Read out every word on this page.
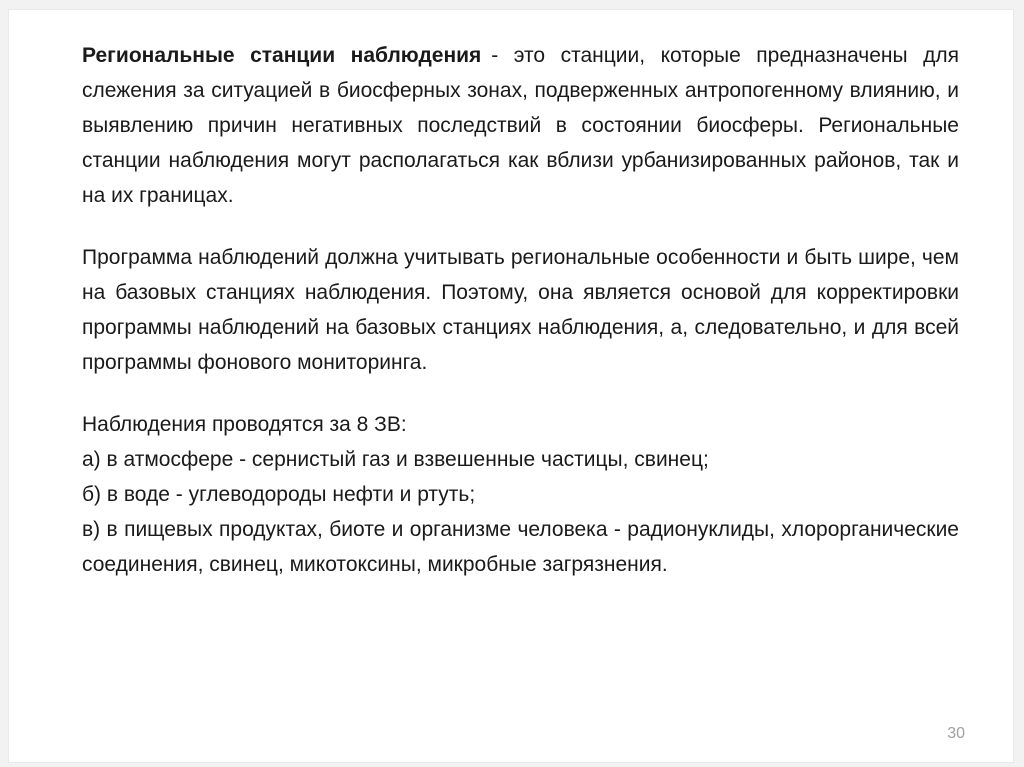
Региональные станции наблюдения - это станции, которые предназначены для слежения за ситуацией в биосферных зонах, подверженных антропогенному влиянию, и выявлению причин негативных последствий в состоянии биосферы. Региональные станции наблюдения могут располагаться как вблизи урбанизированных районов, так и на их границах.

Программа наблюдений должна учитывать региональные особенности и быть шире, чем на базовых станциях наблюдения. Поэтому, она является основой для корректировки программы наблюдений на базовых станциях наблюдения, а, следовательно, и для всей программы фонового мониторинга.

Наблюдения проводятся за 8 ЗВ:

а) в атмосфере - сернистый газ и взвешенные частицы, свинец;

б) в воде - углеводороды нефти и ртуть;

в) в пищевых продуктах, биоте и организме человека - радионуклиды, хлорорганические соединения, свинец, микотоксины, микробные загрязнения.

30
